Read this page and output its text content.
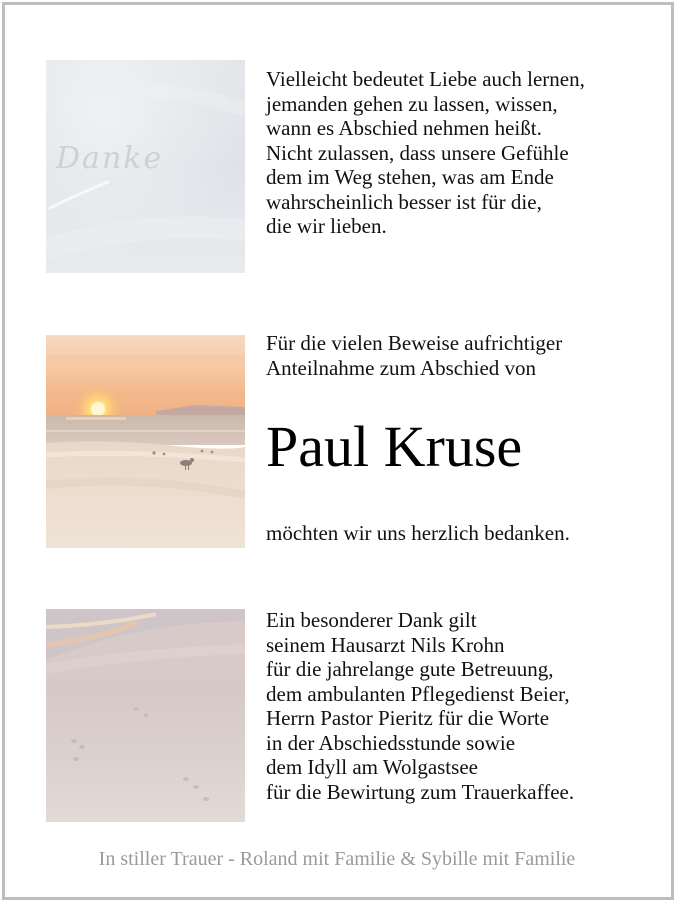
Danke
Vielleicht bedeutet Liebe auch lernen,
jemanden gehen zu lassen, wissen,
wann es Abschied nehmen heißt.
Nicht zulassen, dass unsere Gefühle
dem im Weg stehen, was am Ende
wahrscheinlich besser ist für die,
die wir lieben.
Für die vielen Beweise aufrichtiger
Anteilnahme zum Abschied von
Paul Kruse
möchten wir uns herzlich bedanken.
Ein besonderer Dank gilt
seinem Hausarzt Nils Krohn
für die jahrelange gute Betreuung,
dem ambulanten Pflegedienst Beier,
Herrn Pastor Pieritz für die Worte
in der Abschiedsstunde sowie
dem Idyll am Wolgastsee
für die Bewirtung zum Trauerkaffee.
In stiller Trauer - Roland mit Familie & Sybille mit Familie
